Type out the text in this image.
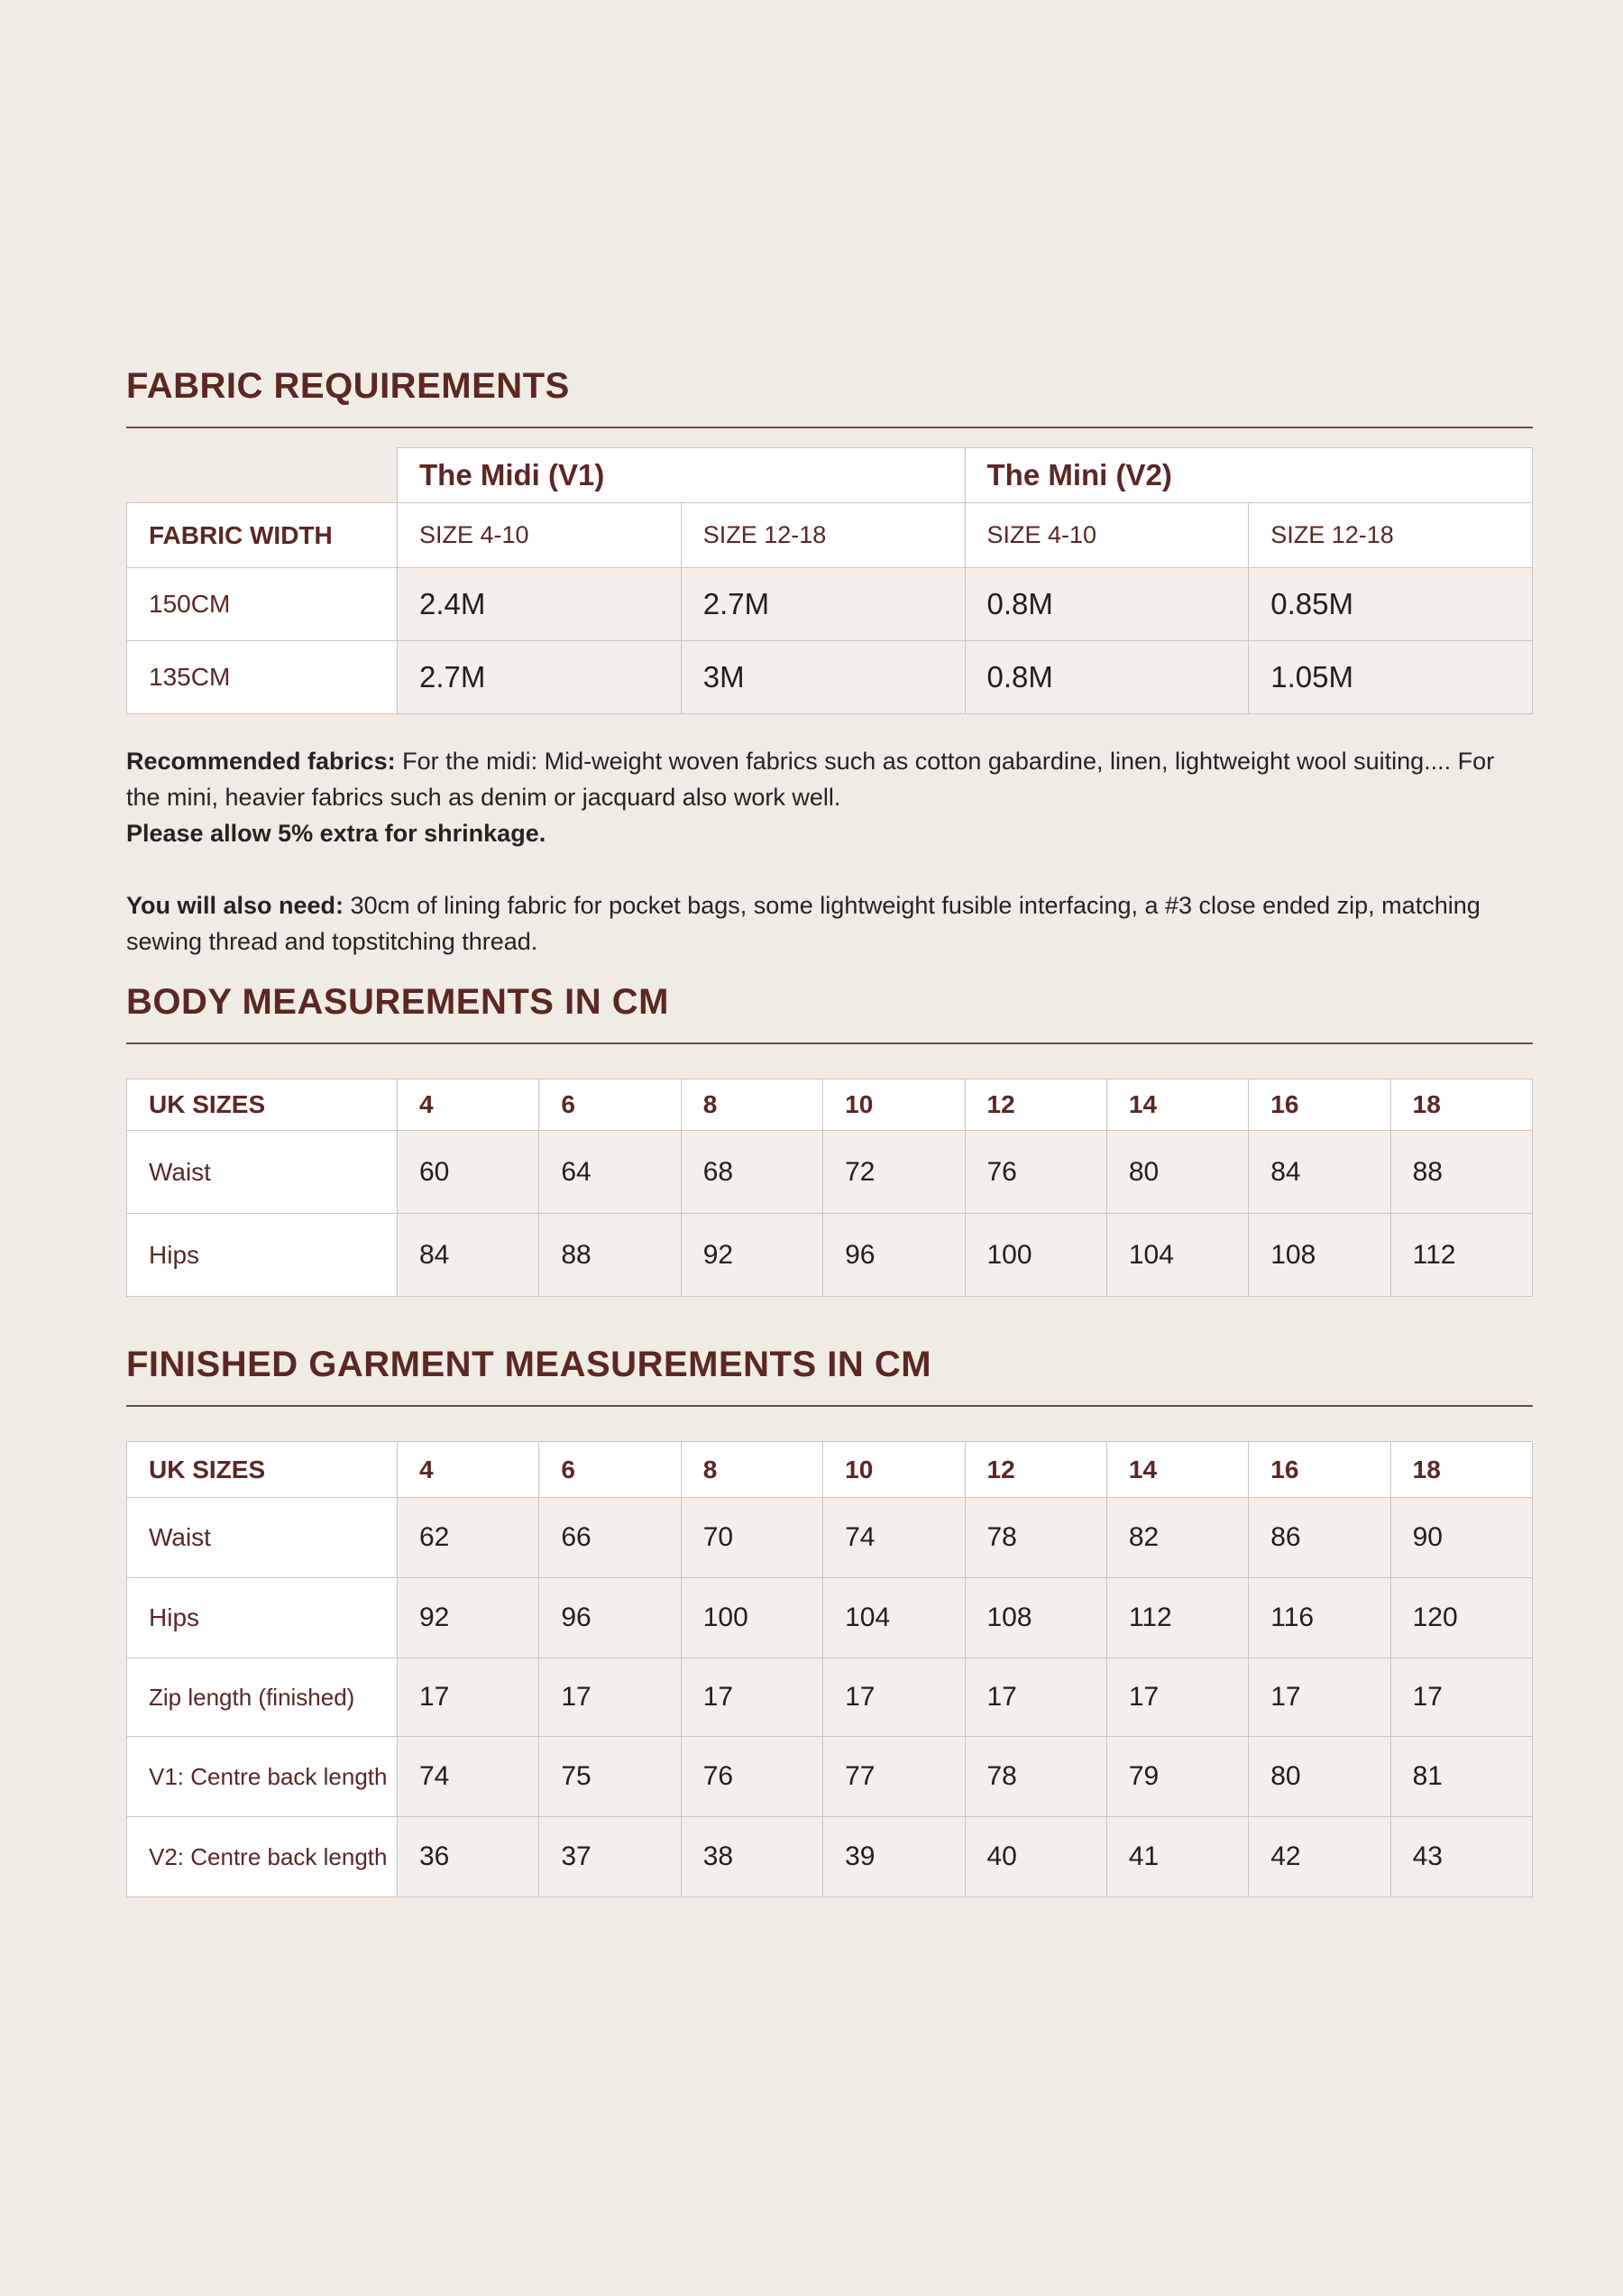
FABRIC REQUIREMENTS
	The Midi (V1)		The Mini (V2)	
FABRIC WIDTH	SIZE 4-10	SIZE 12-18	SIZE 4-10	SIZE 12-18
150CM	2.4M	2.7M	0.8M	0.85M
135CM	2.7M	3M	0.8M	1.05M

Recommended fabrics: For the midi: Mid-weight woven fabrics such as cotton gabardine, linen, lightweight wool suiting.... For the mini, heavier fabrics such as denim or jacquard also work well.

Please allow 5% extra for shrinkage.

You will also need: 30cm of lining fabric for pocket bags, some lightweight fusible interfacing, a #3 close ended zip, matching sewing thread and topstitching thread.

BODY MEASUREMENTS IN CM
UK SIZES	4	6	8	10	12	14	16	18
Waist	60	64	68	72	76	80	84	88
Hips	84	88	92	96	100	104	108	112
FINISHED GARMENT MEASUREMENTS IN CM
UK SIZES	4	6	8	10	12	14	16	18
Waist	62	66	70	74	78	82	86	90
Hips	92	96	100	104	108	112	116	120
Zip length (finished)	17	17	17	17	17	17	17	17
V1: Centre back length	74	75	76	77	78	79	80	81
V2: Centre back length	36	37	38	39	40	41	42	43
